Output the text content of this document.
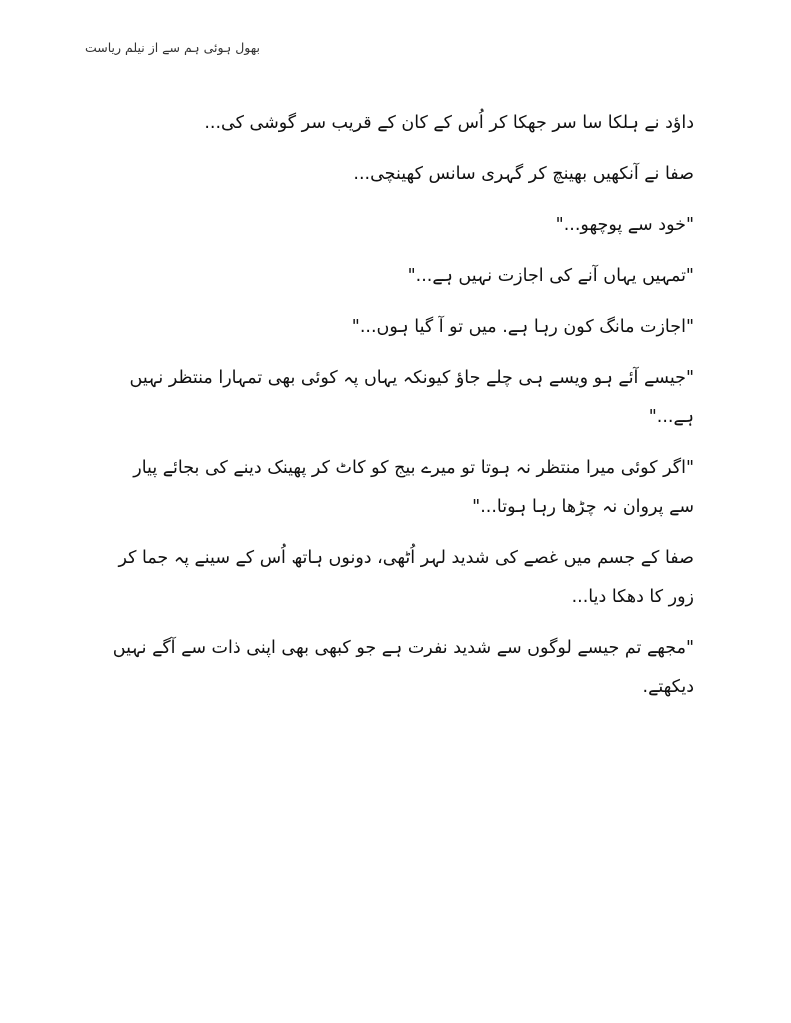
بھول ہوئی ہم سے از نیلم ریاست

داؤد نے ہلکا سا سر جھکا کر اُس کے کان کے قریب سر گوشی کی...

صفا نے آنکھیں بھینچ کر گہری سانس کھینچی...

"خود سے پوچھو..."

"تمہیں یہاں آنے کی اجازت نہیں ہے..."

"اجازت مانگ کون رہا ہے. میں تو آ گیا ہوں..."

"جیسے آئے ہو ویسے ہی چلے جاؤ کیونکہ یہاں پہ کوئی بھی تمہارا منتظر نہیں ہے..."

"اگر کوئی میرا منتظر نہ ہوتا تو میرے بیج کو کاٹ کر پھینک دینے کی بجائے پیار سے پروان نہ چڑھا رہا ہوتا..."

صفا کے جسم میں غصے کی شدید لہر اُٹھی، دونوں ہاتھ اُس کے سینے پہ جما کر زور کا دھکا دیا...

"مجھے تم جیسے لوگوں سے شدید نفرت ہے جو کبھی بھی اپنی ذات سے آگے نہیں دیکھتے.
